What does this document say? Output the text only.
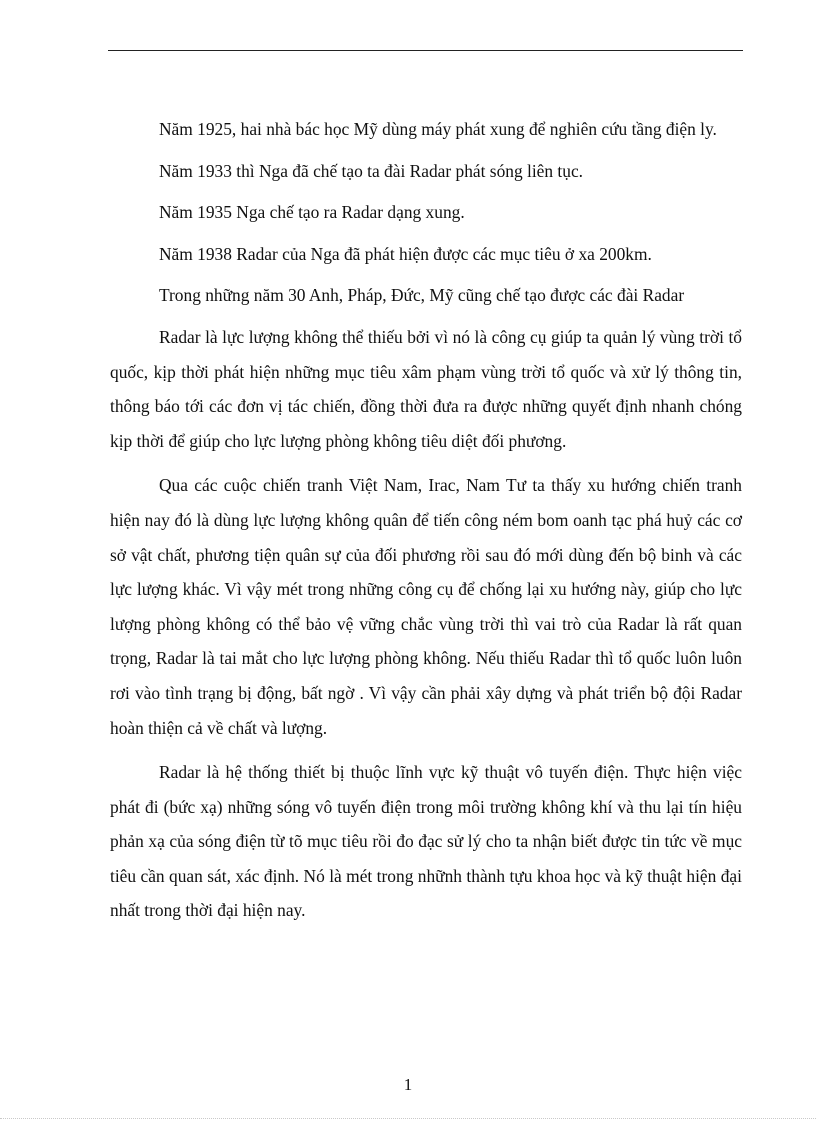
Năm 1925, hai nhà bác học Mỹ dùng máy phát xung để nghiên cứu tầng điện ly.

Năm 1933 thì Nga đã chế tạo ta đài Radar phát sóng liên tục.

Năm 1935 Nga chế tạo ra Radar dạng xung.

Năm 1938 Radar của Nga đã phát hiện được các mục tiêu ở xa 200km.

Trong những năm 30 Anh, Pháp, Đức, Mỹ cũng chế tạo được các đài Radar

Radar là lực lượng không thể thiếu bởi vì nó là công cụ giúp ta quản lý vùng trời tổ quốc, kịp thời phát hiện những mục tiêu xâm phạm vùng trời tổ quốc và xử lý thông tin, thông báo tới các đơn vị tác chiến, đồng thời đưa ra được những quyết định nhanh chóng kịp thời để giúp cho lực lượng phòng không tiêu diệt đối phương.

Qua các cuộc chiến tranh Việt Nam, Irac, Nam Tư ta thấy xu hướng chiến tranh hiện nay đó là dùng lực lượng không quân để tiến công ném bom oanh tạc phá huỷ các cơ sở vật chất, phương tiện quân sự của đối phương rồi sau đó mới dùng đến bộ binh và các lực lượng khác. Vì vậy mét trong những công cụ để chống lại xu hướng này, giúp cho lực lượng phòng không có thể bảo vệ vững chắc vùng trời thì vai trò của Radar là rất quan trọng, Radar là tai mắt cho lực lượng phòng không. Nếu thiếu Radar thì tổ quốc luôn luôn rơi vào tình trạng bị động, bất ngờ . Vì vậy cần phải xây dựng và phát triển bộ đội Radar hoàn thiện cả về chất và lượng.

Radar là hệ thống thiết bị thuộc lĩnh vực kỹ thuật vô tuyến điện. Thực hiện việc phát đi (bức xạ) những sóng vô tuyến điện trong môi trường không khí và thu lại tín hiệu phản xạ của sóng điện từ tõ mục tiêu rồi đo đạc sử lý cho ta nhận biết được tin tức về mục tiêu cần quan sát, xác định. Nó là mét trong nhữnh thành tựu khoa học và kỹ thuật hiện đại nhất trong thời đại hiện nay.

1
